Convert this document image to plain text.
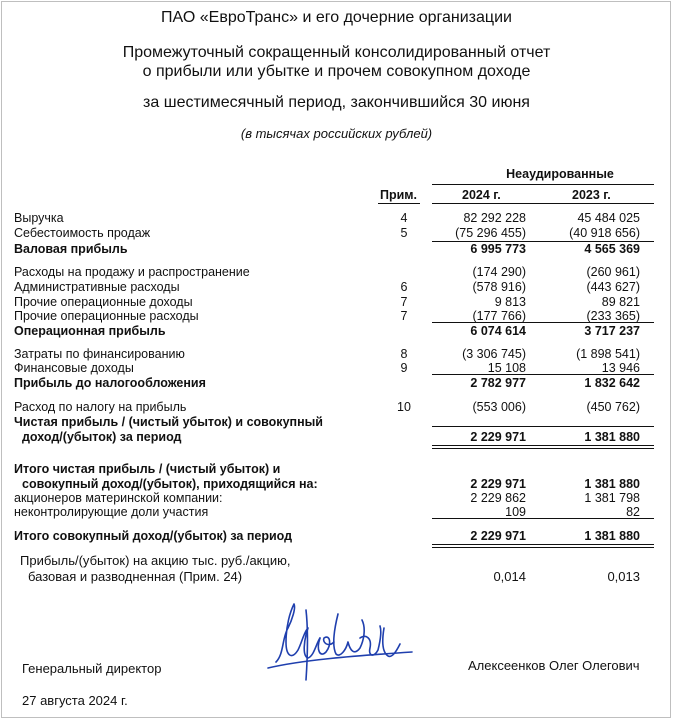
ПАО «ЕвроТранс» и его дочерние организации
Промежуточный сокращенный консолидированный отчет
о прибыли или убытке и прочем совокупном доходе
за шестимесячный период, закончившийся 30 июня
(в тысячах российских рублей)
Неаудированные
Прим.	2024 г.	2023 г.
Выручка	4	82 292 228	45 484 025
Себестоимость продаж	5	(75 296 455)	(40 918 656)
Валовая прибыль	6 995 773	4 565 369
Расходы на продажу и распространение	(174 290)	(260 961)
Административные расходы	6	(578 916)	(443 627)
Прочие операционные доходы	7	9 813	89 821
Прочие операционные расходы	7	(177 766)	(233 365)
Операционная прибыль	6 074 614	3 717 237
Затраты по финансированию	8	(3 306 745)	(1 898 541)
Финансовые доходы	9	15 108	13 946
Прибыль до налогообложения	2 782 977	1 832 642
Расход по налогу на прибыль	10	(553 006)	(450 762)
Чистая прибыль / (чистый убыток) и совокупный
доход/(убыток) за период	2 229 971	1 381 880
Итого чистая прибыль / (чистый убыток) и
совокупный доход/(убыток), приходящийся на:	2 229 971	1 381 880
акционеров материнской компании:	2 229 862	1 381 798
неконтролирующие доли участия	109	82
Итого совокупный доход/(убыток) за период	2 229 971	1 381 880
Прибыль/(убыток) на акцию тыс. руб./акцию,
базовая и разводненная (Прим. 24)	0,014	0,013
Генеральный директор	Алексеенков Олег Олегович
27 августа 2024 г.
